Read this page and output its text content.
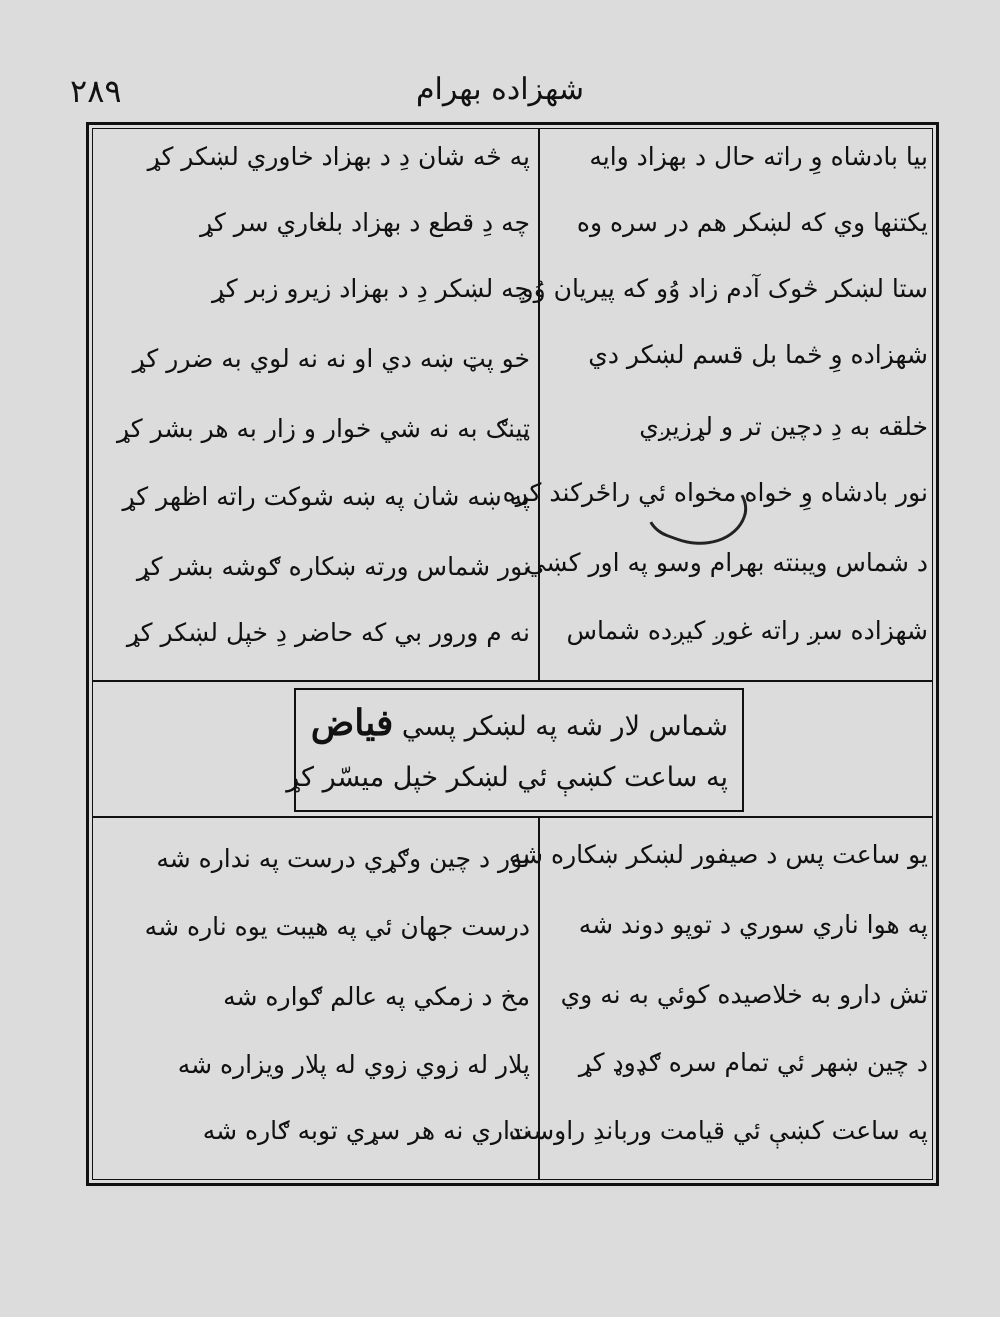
شهزاده بهرام
۲۸۹
بیا بادشاه وِ راته حال د بهزاد وایه
یکتنها وي که لښکر هم در سره وه
ستا لښکر څوک آدم زاد وُو که پیریان وُو
شهزاده وِ څما بل قسم لښکر دي
خلقه به دِ دچین تر و لړزیږي
نور بادشاه وِ خواه مخواه ئي راځرکند کره
د شماس ویبنته بهرام وسو په اور کښي
شهزاده سږ راته غوږ کیږده شماس
په څه شان دِ د بهزاد خاوري لښکر کړ
چه دِ قطع د بهزاد بلغاري سر کړ
چه لښکر دِ د بهزاد زیرو زبر کړ
خو پټ ښه دي او نه نه لوي به ضرر کړ
ټینګ به نه شي خوار و زار به هر بشر کړ
په ښه شان په ښه شوکت راته اظهر کړ
نور شماس ورته ښکاره ګوشه بشر کړ
نه م ورور بي که حاضر دِ خپل لښکر کړ
شماس لار شه په لښکر پسي فیاض
په ساعت کښې ئي لښکر خپل میسّر کړ
یو ساعت پس د صیفور لښکر ښکاره شه
په هوا ناري سوري د توپو دوند شه
تش دارو به خلاصیده کوئي به نه وي
د چین ښهر ئي تمام سره ګډوډ کړ
په ساعت کښې ئي قیامت ورباندِ راوست
نور د چین وګړي درست په نداره شه
درست جهان ئي په هیبت یوه ناره شه
مخ د زمکي په عالم ګواره شه
پلار له زوي زوي له پلار ویزاره شه
نداري نه هر سړي توبه ګاره شه
